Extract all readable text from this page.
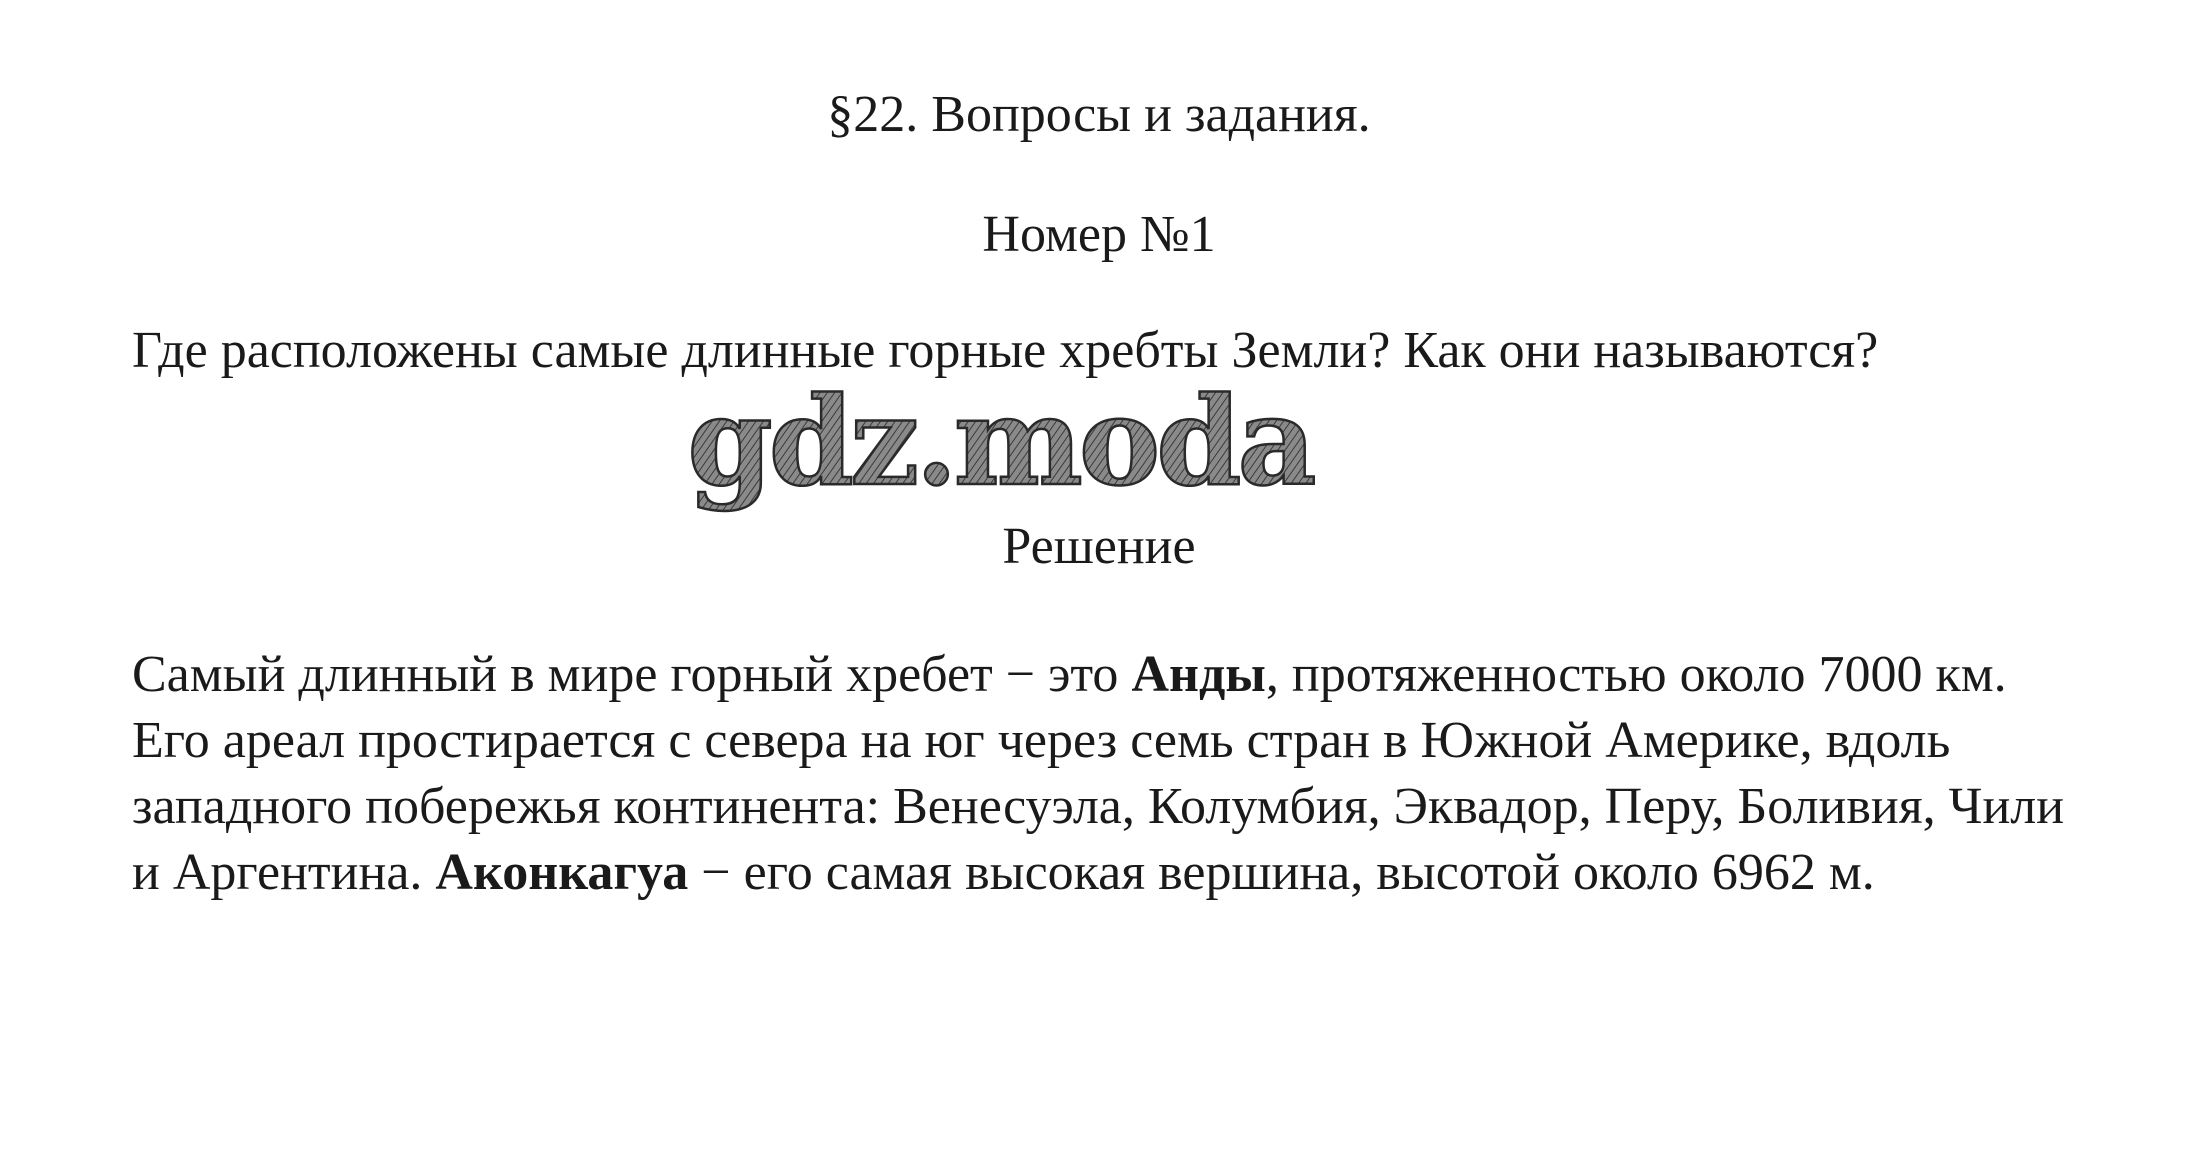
§22. Вопросы и задания.
Номер №1

Где расположены самые длинные горные хребты Земли? Как они называются?

gdz.moda
Решение

Самый длинный в мире горный хребет − это Анды, протяженностью около 7000 км. Его ареал простирается с севера на юг через семь стран в Южной Америке, вдоль западного побережья континента: Венесуэла, Колумбия, Эквадор, Перу, Боливия, Чили и Аргентина. Аконкагуа − его самая высокая вершина, высотой около 6962 м.
